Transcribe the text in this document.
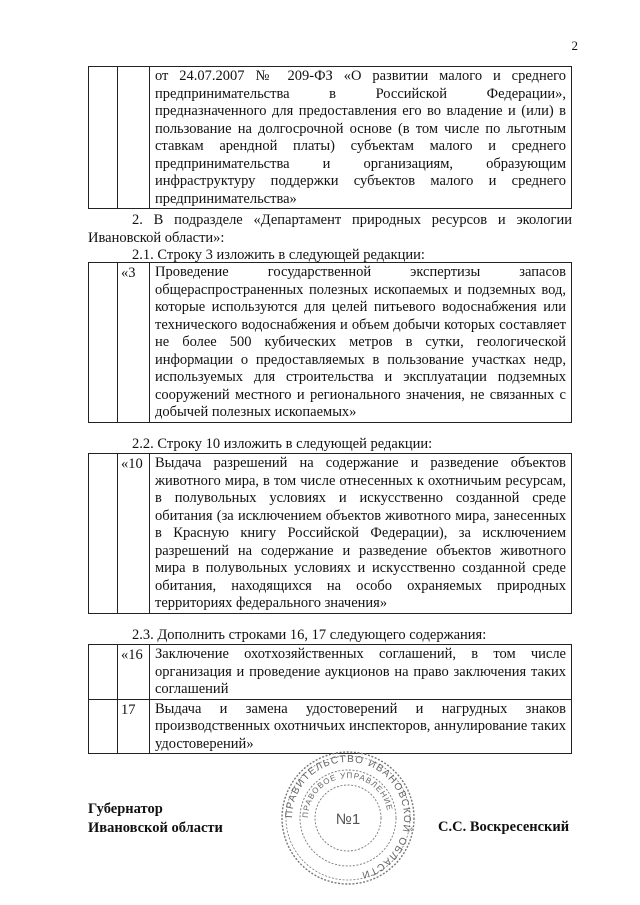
2
		от 24.07.2007 № 209-ФЗ «О развитии малого и среднего предпринимательства в Российской Федерации», предназначенного для предоставления его во владение и (или) в пользование на долгосрочной основе (в том числе по льготным ставкам арендной платы) субъектам малого и среднего предпринимательства и организациям, образующим инфраструктуру поддержки субъектов малого и среднего предпринимательства»
2. В подразделе «Департамент природных ресурсов и экологии Ивановской области»:
2.1. Строку 3 изложить в следующей редакции:
	«3	Проведение государственной экспертизы запасов общераспространенных полезных ископаемых и подземных вод, которые используются для целей питьевого водоснабжения или технического водоснабжения и объем добычи которых составляет не более 500 кубических метров в сутки, геологической информации о предоставляемых в пользование участках недр, используемых для строительства и эксплуатации подземных сооружений местного и регионального значения, не связанных с добычей полезных ископаемых»
2.2. Строку 10 изложить в следующей редакции:
	«10	Выдача разрешений на содержание и разведение объектов животного мира, в том числе отнесенных к охотничьим ресурсам, в полувольных условиях и искусственно созданной среде обитания (за исключением объектов животного мира, занесенных в Красную книгу Российской Федерации), за исключением разрешений на содержание и разведение объектов животного мира в полувольных условиях и искусственно созданной среде обитания, находящихся на особо охраняемых природных территориях федерального значения»
2.3. Дополнить строками 16, 17 следующего содержания:
	«16	Заключение охотхозяйственных соглашений, в том числе организация и проведение аукционов на право заключения таких соглашений
	17	Выдача и замена удостоверений и нагрудных знаков производственных охотничьих инспекторов, аннулирование таких удостоверений»
Губернатор
Ивановской области
ПРАВИТЕЛЬСТВО ИВАНОВСКОЙ ОБЛАСТИ
ПРАВОВОЕ УПРАВЛЕНИЕ
№1	С.С. Воскресенский
